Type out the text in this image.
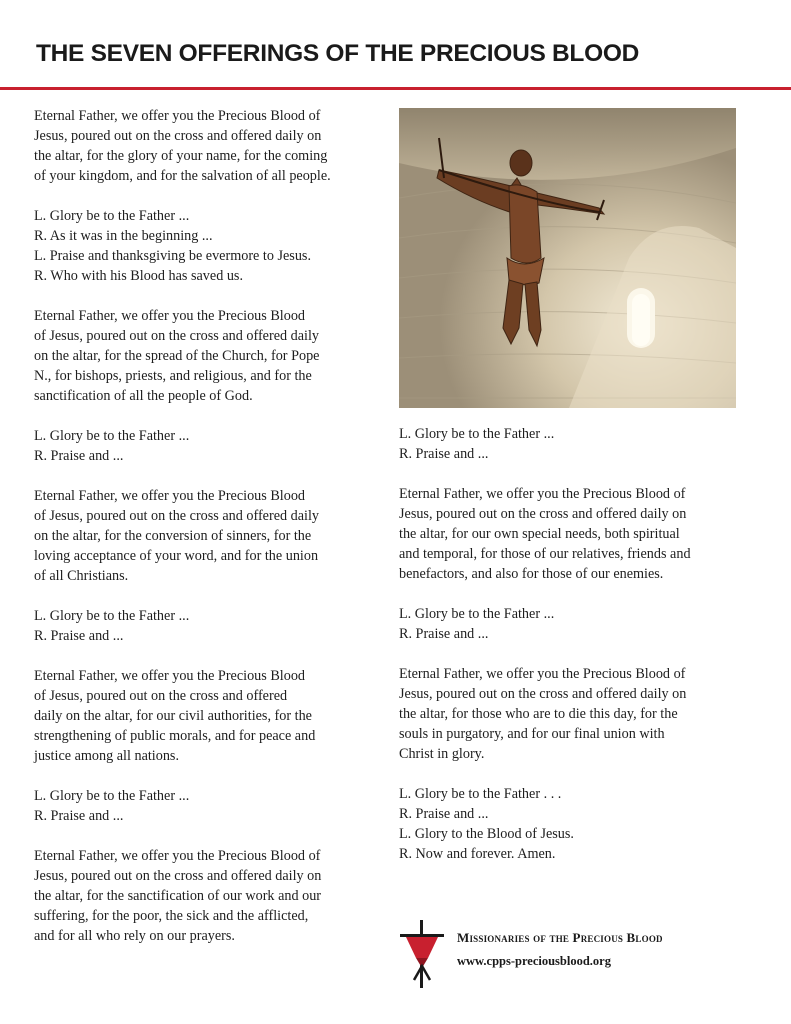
THE SEVEN OFFERINGS OF THE PRECIOUS BLOOD

Eternal Father, we offer you the Precious Blood of

Jesus, poured out on the cross and offered daily on

the altar, for the glory of your name, for the coming

of your kingdom, and for the salvation of all people.

L. Glory be to the Father ...

R. As it was in the beginning ...

L. Praise and thanksgiving be evermore to Jesus.

R. Who with his Blood has saved us.

Eternal Father, we offer you the Precious Blood

of Jesus, poured out on the cross and offered daily

on the altar, for the spread of the Church, for Pope

N., for bishops, priests, and religious, and for the

sanctification of all the people of God.

L. Glory be to the Father ...

R. Praise and ...

Eternal Father, we offer you the Precious Blood

of Jesus, poured out on the cross and offered daily

on the altar, for the conversion of sinners, for the

loving acceptance of your word, and for the union

of all Christians.

L. Glory be to the Father ...

R. Praise and ...

Eternal Father, we offer you the Precious Blood

of Jesus, poured out on the cross and offered

daily on the altar, for our civil authorities, for the

strengthening of public morals, and for peace and

justice among all nations.

L. Glory be to the Father ...

R. Praise and ...

Eternal Father, we offer you the Precious Blood of

Jesus, poured out on the cross and offered daily on

the altar, for the sanctification of our work and our

suffering, for the poor, the sick and the afflicted,

and for all who rely on our prayers.

L. Glory be to the Father ...

R. Praise and ...

Eternal Father, we offer you the Precious Blood of

Jesus, poured out on the cross and offered daily on

the altar, for our own special needs, both spiritual

and temporal, for those of our relatives, friends and

benefactors, and also for those of our enemies.

L. Glory be to the Father ...

R. Praise and ...

Eternal Father, we offer you the Precious Blood of

Jesus, poured out on the cross and offered daily on

the altar, for those who are to die this day, for the

souls in purgatory, and for our final union with

Christ in glory.

L. Glory be to the Father . . .

R. Praise and ...

L. Glory to the Blood of Jesus.

R. Now and forever. Amen.

Missionaries of the Precious Blood
www.cpps-preciousblood.org
